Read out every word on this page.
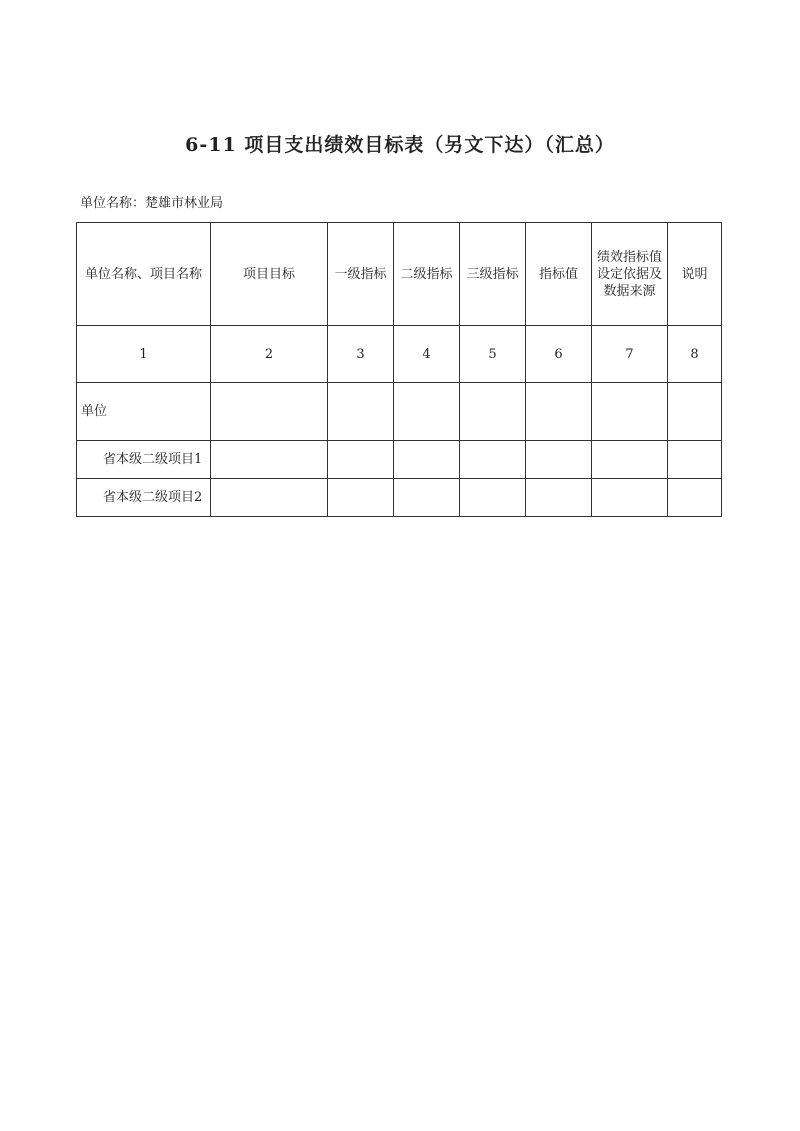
6-11 项目支出绩效目标表（另文下达）（汇总）
单位名称：楚雄市林业局
单位名称、项目名称	项目目标	一级指标	二级指标	三级指标	指标值	绩效指标值设定依据及数据来源	说明
1	2	3	4	5	6	7	8
单位							
省本级二级项目1							
省本级二级项目2							
